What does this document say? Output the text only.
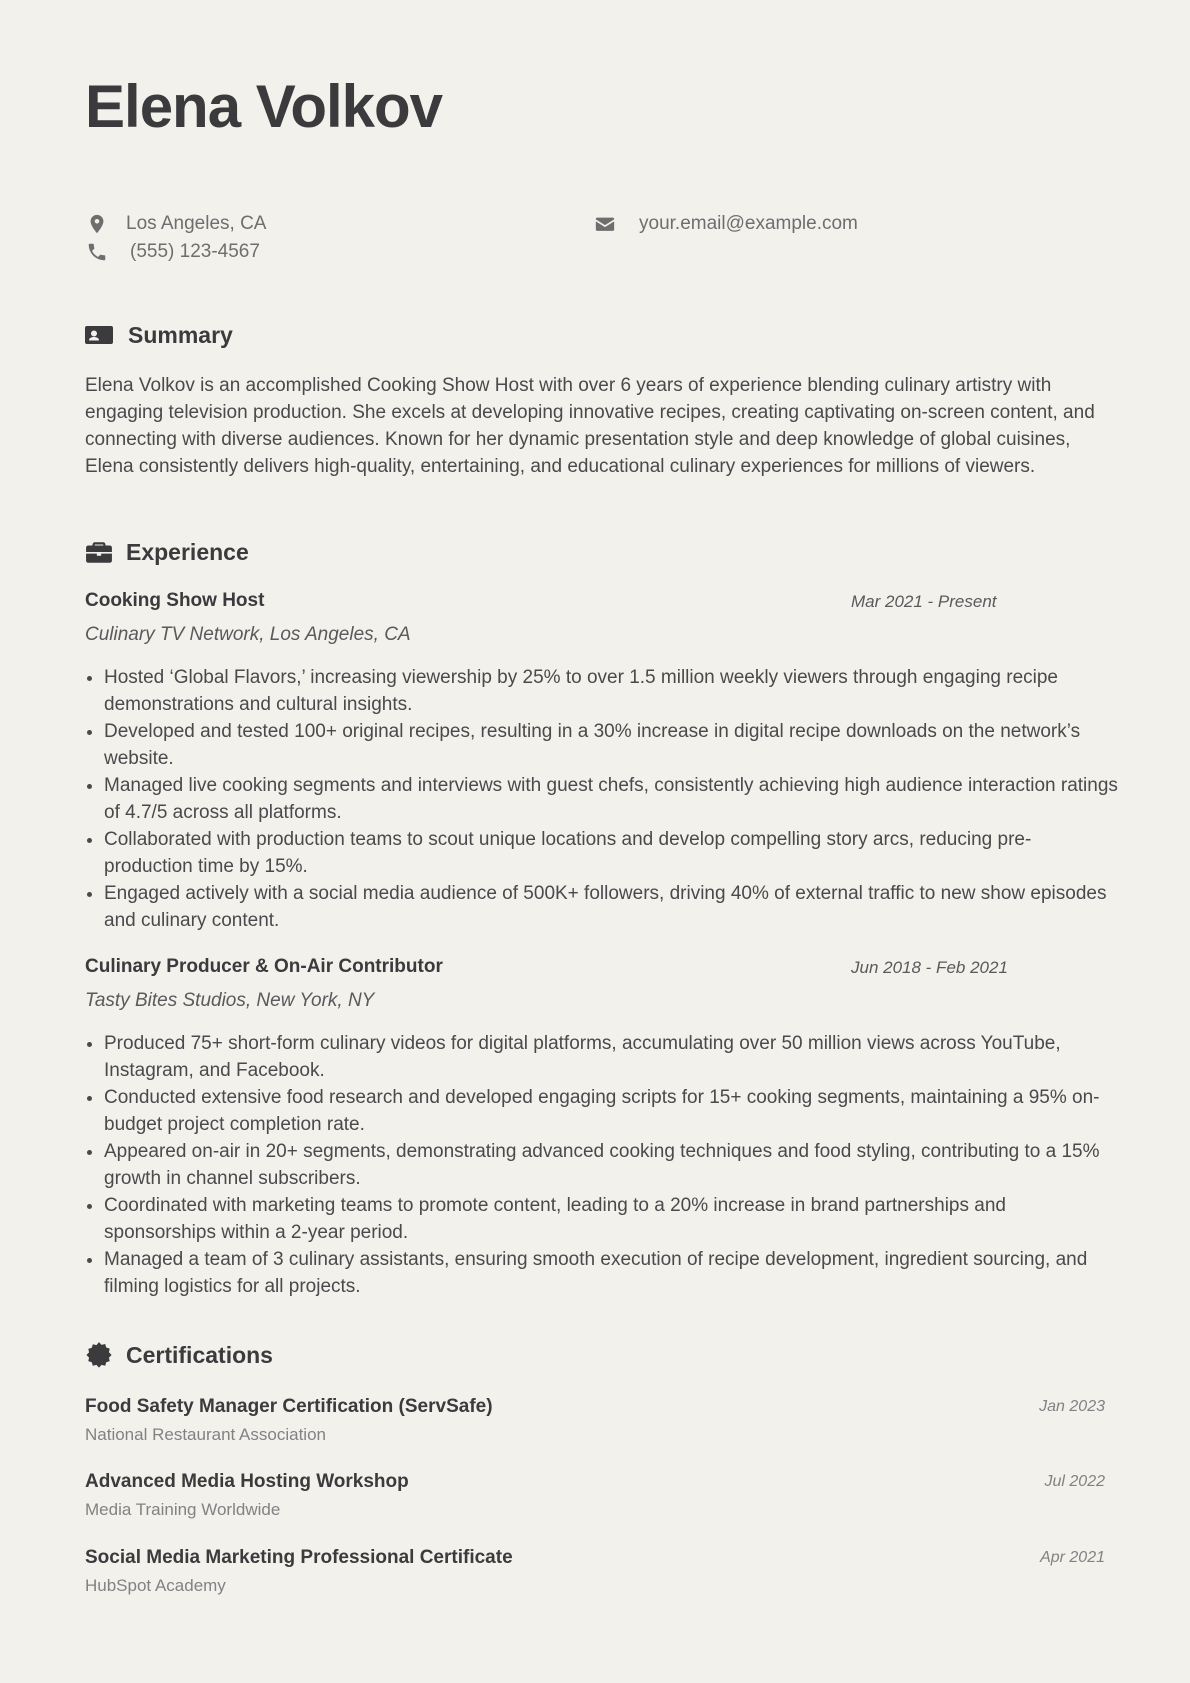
Elena Volkov
Los Angeles, CA
(555) 123-4567
your.email@example.com
Summary

Elena Volkov is an accomplished Cooking Show Host with over 6 years of experience blending culinary artistry with engaging television production. She excels at developing innovative recipes, creating captivating on-screen content, and connecting with diverse audiences. Known for her dynamic presentation style and deep knowledge of global cuisines, Elena consistently delivers high-quality, entertaining, and educational culinary experiences for millions of viewers.

Experience
Cooking Show Host	Mar 2021 - Present
Culinary TV Network, Los Angeles, CA
Hosted ‘Global Flavors,’ increasing viewership by 25% to over 1.5 million weekly viewers through engaging recipe demonstrations and cultural insights.
Developed and tested 100+ original recipes, resulting in a 30% increase in digital recipe downloads on the network’s website.
Managed live cooking segments and interviews with guest chefs, consistently achieving high audience interaction ratings of 4.7/5 across all platforms.
Collaborated with production teams to scout unique locations and develop compelling story arcs, reducing pre-production time by 15%.
Engaged actively with a social media audience of 500K+ followers, driving 40% of external traffic to new show episodes and culinary content.
Culinary Producer & On-Air Contributor	Jun 2018 - Feb 2021
Tasty Bites Studios, New York, NY
Produced 75+ short-form culinary videos for digital platforms, accumulating over 50 million views across YouTube, Instagram, and Facebook.
Conducted extensive food research and developed engaging scripts for 15+ cooking segments, maintaining a 95% on-budget project completion rate.
Appeared on-air in 20+ segments, demonstrating advanced cooking techniques and food styling, contributing to a 15% growth in channel subscribers.
Coordinated with marketing teams to promote content, leading to a 20% increase in brand partnerships and sponsorships within a 2-year period.
Managed a team of 3 culinary assistants, ensuring smooth execution of recipe development, ingredient sourcing, and filming logistics for all projects.
Certifications
Food Safety Manager Certification (ServSafe)
National Restaurant Association
Jan 2023
Advanced Media Hosting Workshop
Media Training Worldwide
Jul 2022
Social Media Marketing Professional Certificate
HubSpot Academy
Apr 2021
